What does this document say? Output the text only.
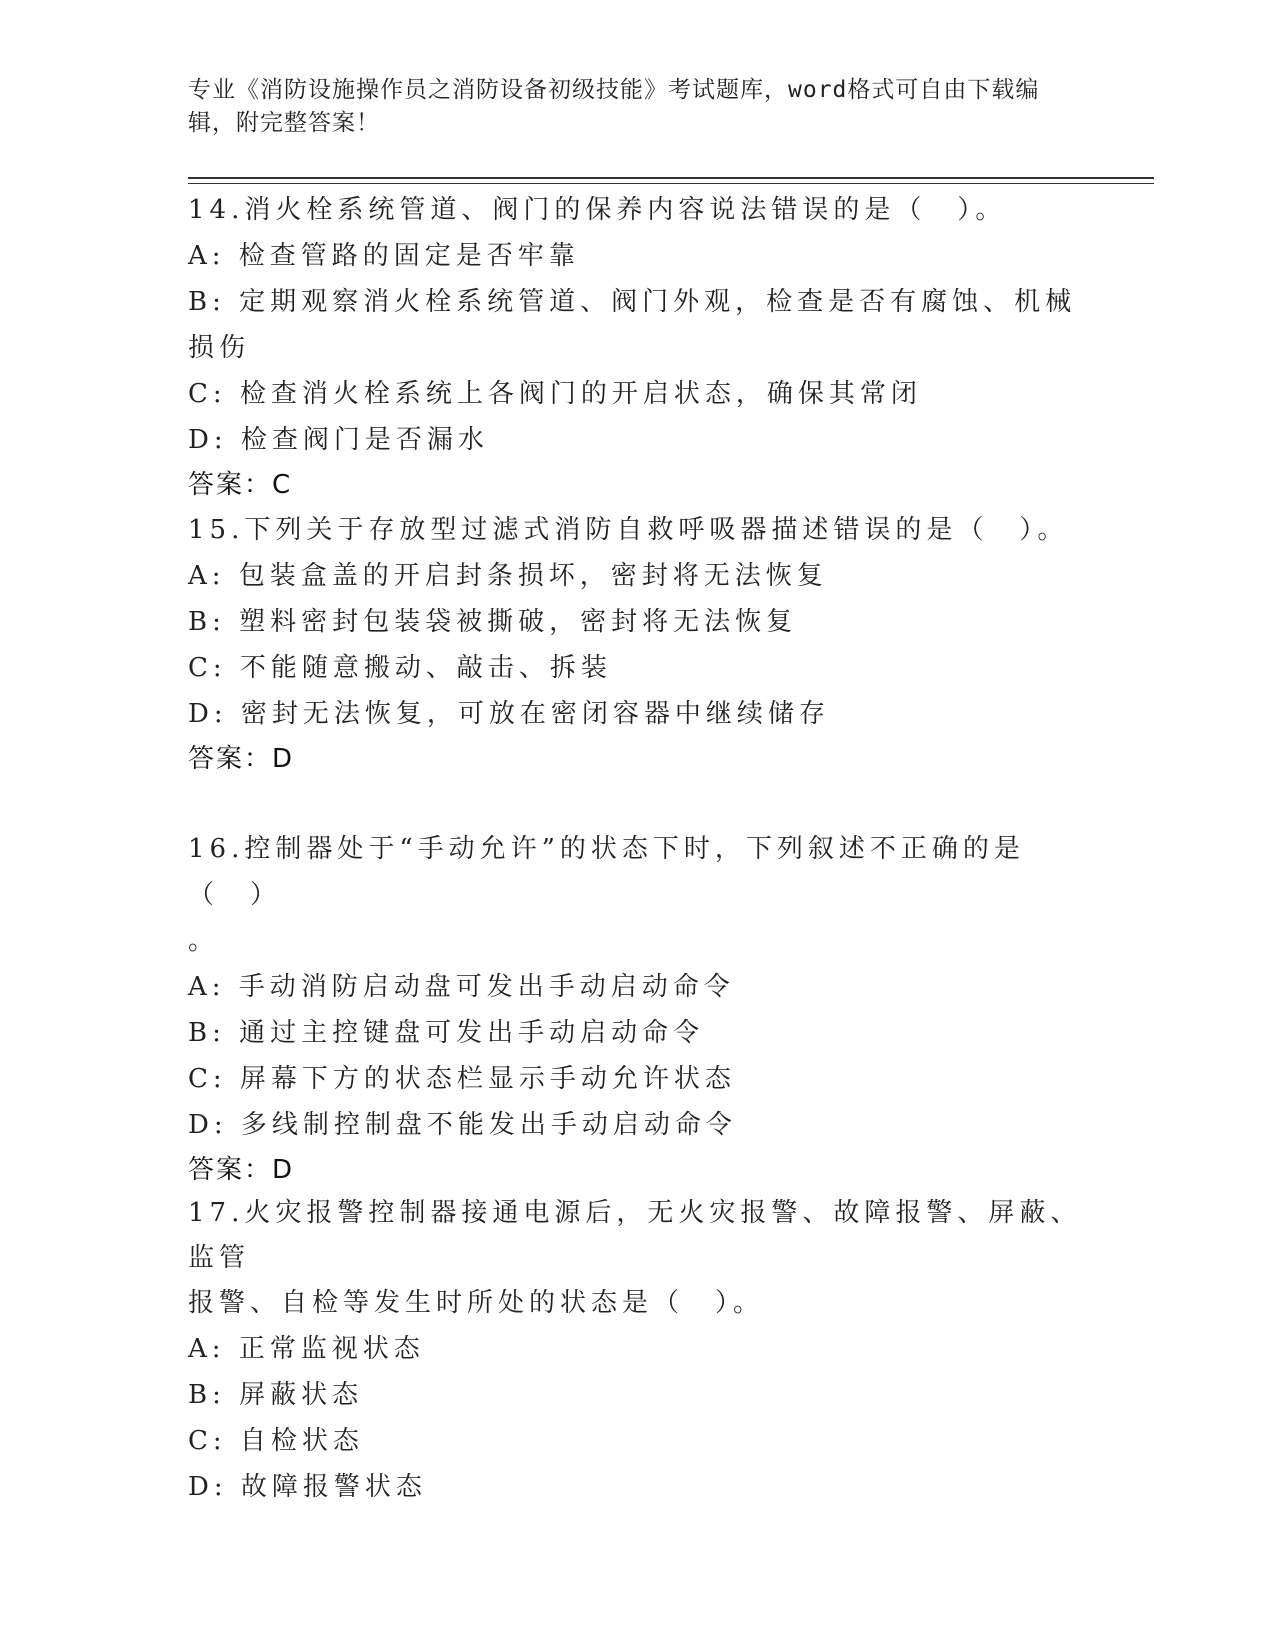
专业《消防设施操作员之消防设备初级技能》考试题库，word格式可自由下载编
辑，附完整答案！
14.消火栓系统管道、阀门的保养内容说法错误的是（　）。
A: 检查管路的固定是否牢靠
B: 定期观察消火栓系统管道、阀门外观，检查是否有腐蚀、机械损伤
C: 检查消火栓系统上各阀门的开启状态，确保其常闭
D: 检查阀门是否漏水
答案：C
15.下列关于存放型过滤式消防自救呼吸器描述错误的是（　）。
A: 包装盒盖的开启封条损坏，密封将无法恢复
B: 塑料密封包装袋被撕破，密封将无法恢复
C: 不能随意搬动、敲击、拆装
D: 密封无法恢复，可放在密闭容器中继续储存
答案：D
16.控制器处于“手动允许”的状态下时，下列叙述不正确的是（　）
。
A: 手动消防启动盘可发出手动启动命令
B: 通过主控键盘可发出手动启动命令
C: 屏幕下方的状态栏显示手动允许状态
D: 多线制控制盘不能发出手动启动命令
答案：D
17.火灾报警控制器接通电源后，无火灾报警、故障报警、屏蔽、监管
报警、自检等发生时所处的状态是（　）。
A: 正常监视状态
B: 屏蔽状态
C: 自检状态
D: 故障报警状态
